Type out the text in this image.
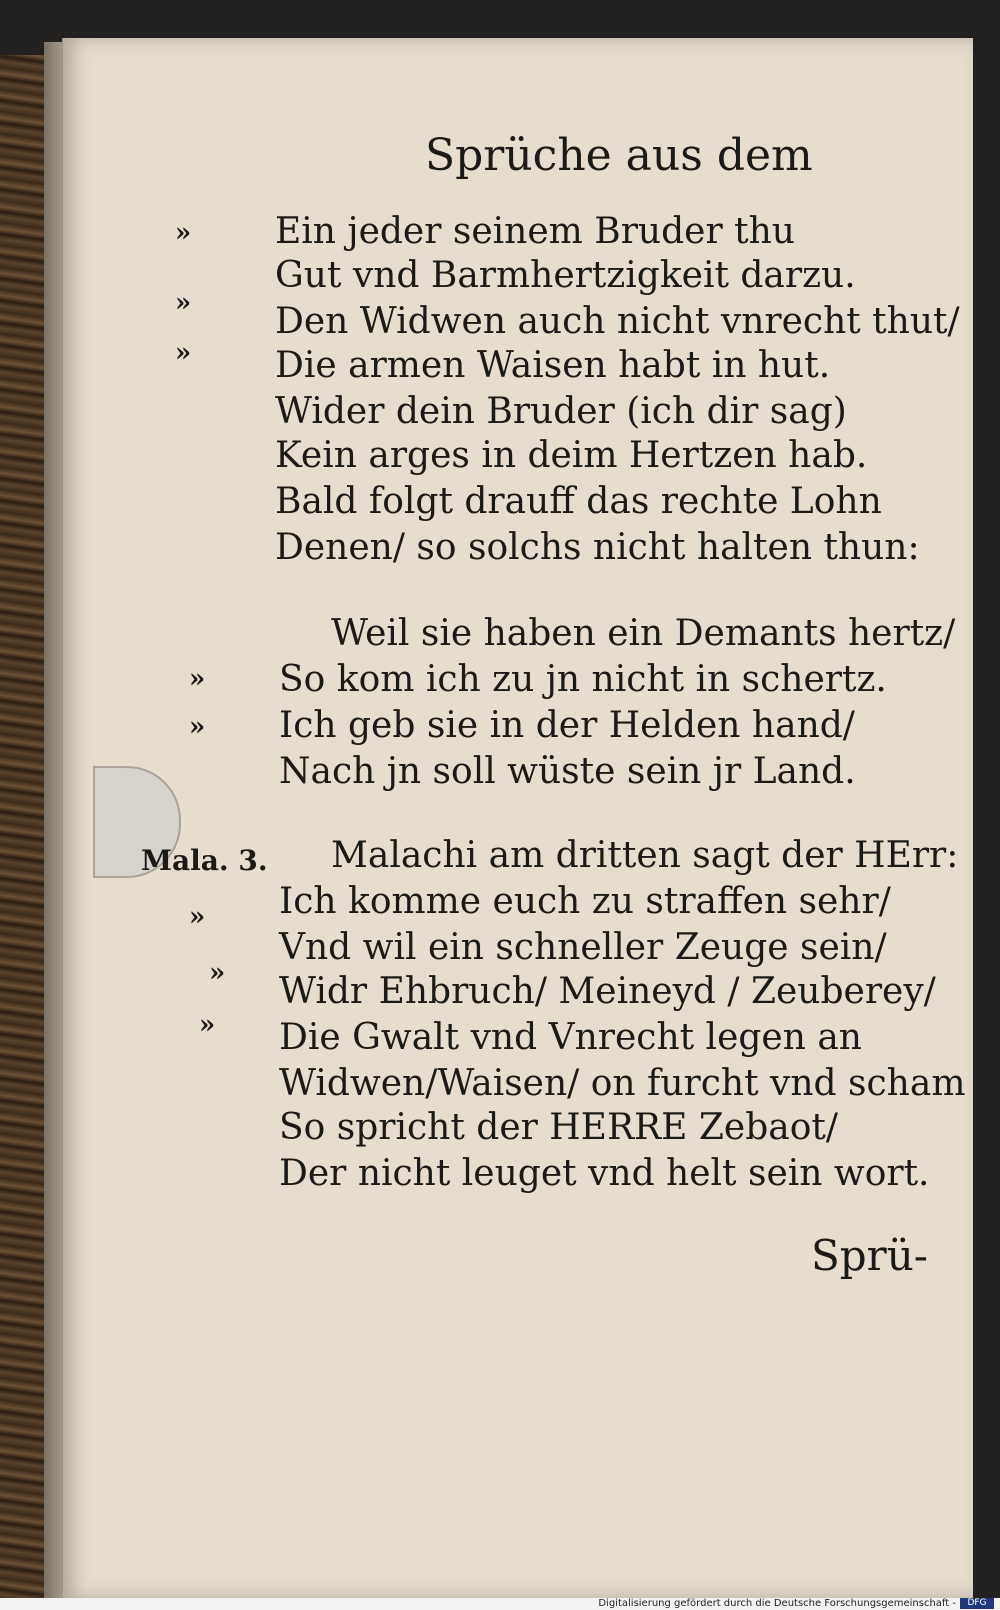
Sprüche aus dem

» Ein jeder seinem Bruder thu

Gut vnd Barmhertzigkeit darzu.

» Den Widwen auch nicht vnrecht thut/

» Die armen Waisen habt in hut.

Wider dein Bruder (ich dir sag)

Kein arges in deim Hertzen hab.

Bald folgt drauff das rechte Lohn

Denen/ so solchs nicht halten thun:

Weil sie haben ein Demants hertz/

» So kom ich zu jn nicht in schertz.

» Ich geb sie in der Helden hand/

Nach jn soll wüste sein jr Land.

Mala. 3. Malachi am dritten sagt der HErr:

» Ich komme euch zu straffen sehr/

Vnd wil ein schneller Zeuge sein/

» Widr Ehbruch/ Meineyd / Zeuberey/

» Die Gwalt vnd Vnrecht legen an

Widwen/Waisen/ on furcht vnd scham

So spricht der HERRE Zebaot/

Der nicht leuget vnd helt sein wort.

Sprü-

Digitalisierung gefördert durch die Deutsche Forschungsgemeinschaft -	DFG
